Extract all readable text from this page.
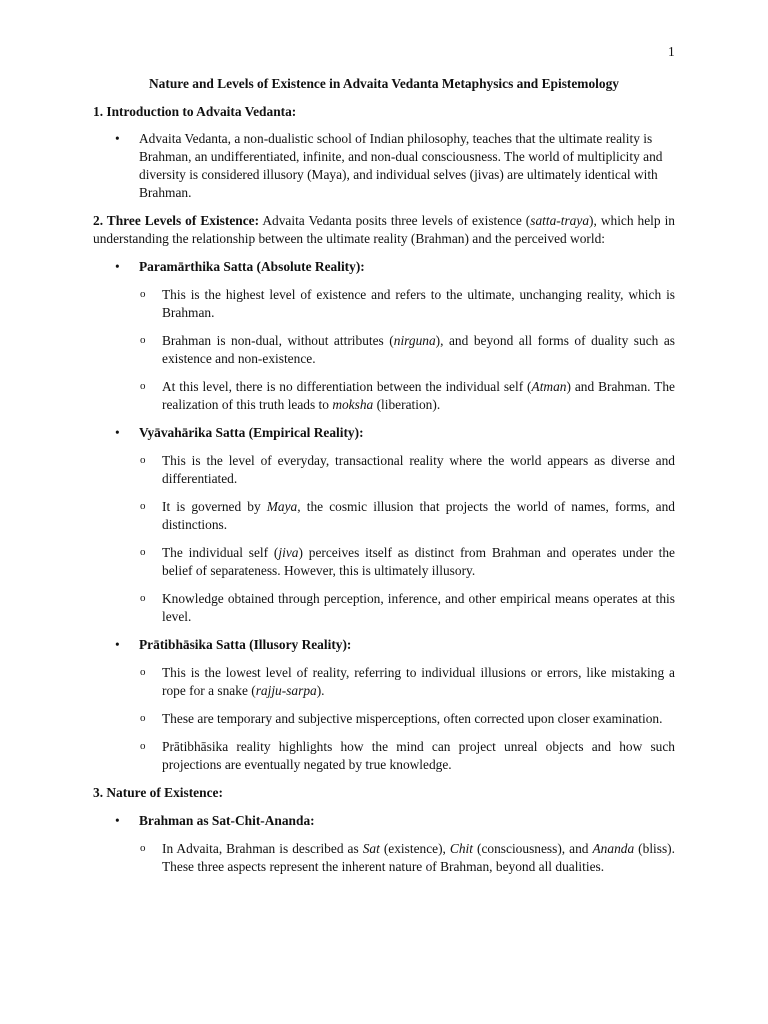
1
Nature and Levels of Existence in Advaita Vedanta Metaphysics and Epistemology
1. Introduction to Advaita Vedanta:
• Advaita Vedanta, a non-dualistic school of Indian philosophy, teaches that the ultimate reality is Brahman, an undifferentiated, infinite, and non-dual consciousness. The world of multiplicity and diversity is considered illusory (Maya), and individual selves (jivas) are ultimately identical with Brahman.

2. Three Levels of Existence: Advaita Vedanta posits three levels of existence (satta-traya), which help in understanding the relationship between the ultimate reality (Brahman) and the perceived world:

• Paramārthika Satta (Absolute Reality):
o This is the highest level of existence and refers to the ultimate, unchanging reality, which is Brahman.
o Brahman is non-dual, without attributes (nirguna), and beyond all forms of duality such as existence and non-existence.
o At this level, there is no differentiation between the individual self (Atman) and Brahman. The realization of this truth leads to moksha (liberation).
• Vyāvahārika Satta (Empirical Reality):
o This is the level of everyday, transactional reality where the world appears as diverse and differentiated.
o It is governed by Maya, the cosmic illusion that projects the world of names, forms, and distinctions.
o The individual self (jiva) perceives itself as distinct from Brahman and operates under the belief of separateness. However, this is ultimately illusory.
o Knowledge obtained through perception, inference, and other empirical means operates at this level.
• Prātibhāsika Satta (Illusory Reality):
o This is the lowest level of reality, referring to individual illusions or errors, like mistaking a rope for a snake (rajju-sarpa).
o These are temporary and subjective misperceptions, often corrected upon closer examination.
o Prātibhāsika reality highlights how the mind can project unreal objects and how such projections are eventually negated by true knowledge.
3. Nature of Existence:
• Brahman as Sat-Chit-Ananda:
o In Advaita, Brahman is described as Sat (existence), Chit (consciousness), and Ananda (bliss). These three aspects represent the inherent nature of Brahman, beyond all dualities.
